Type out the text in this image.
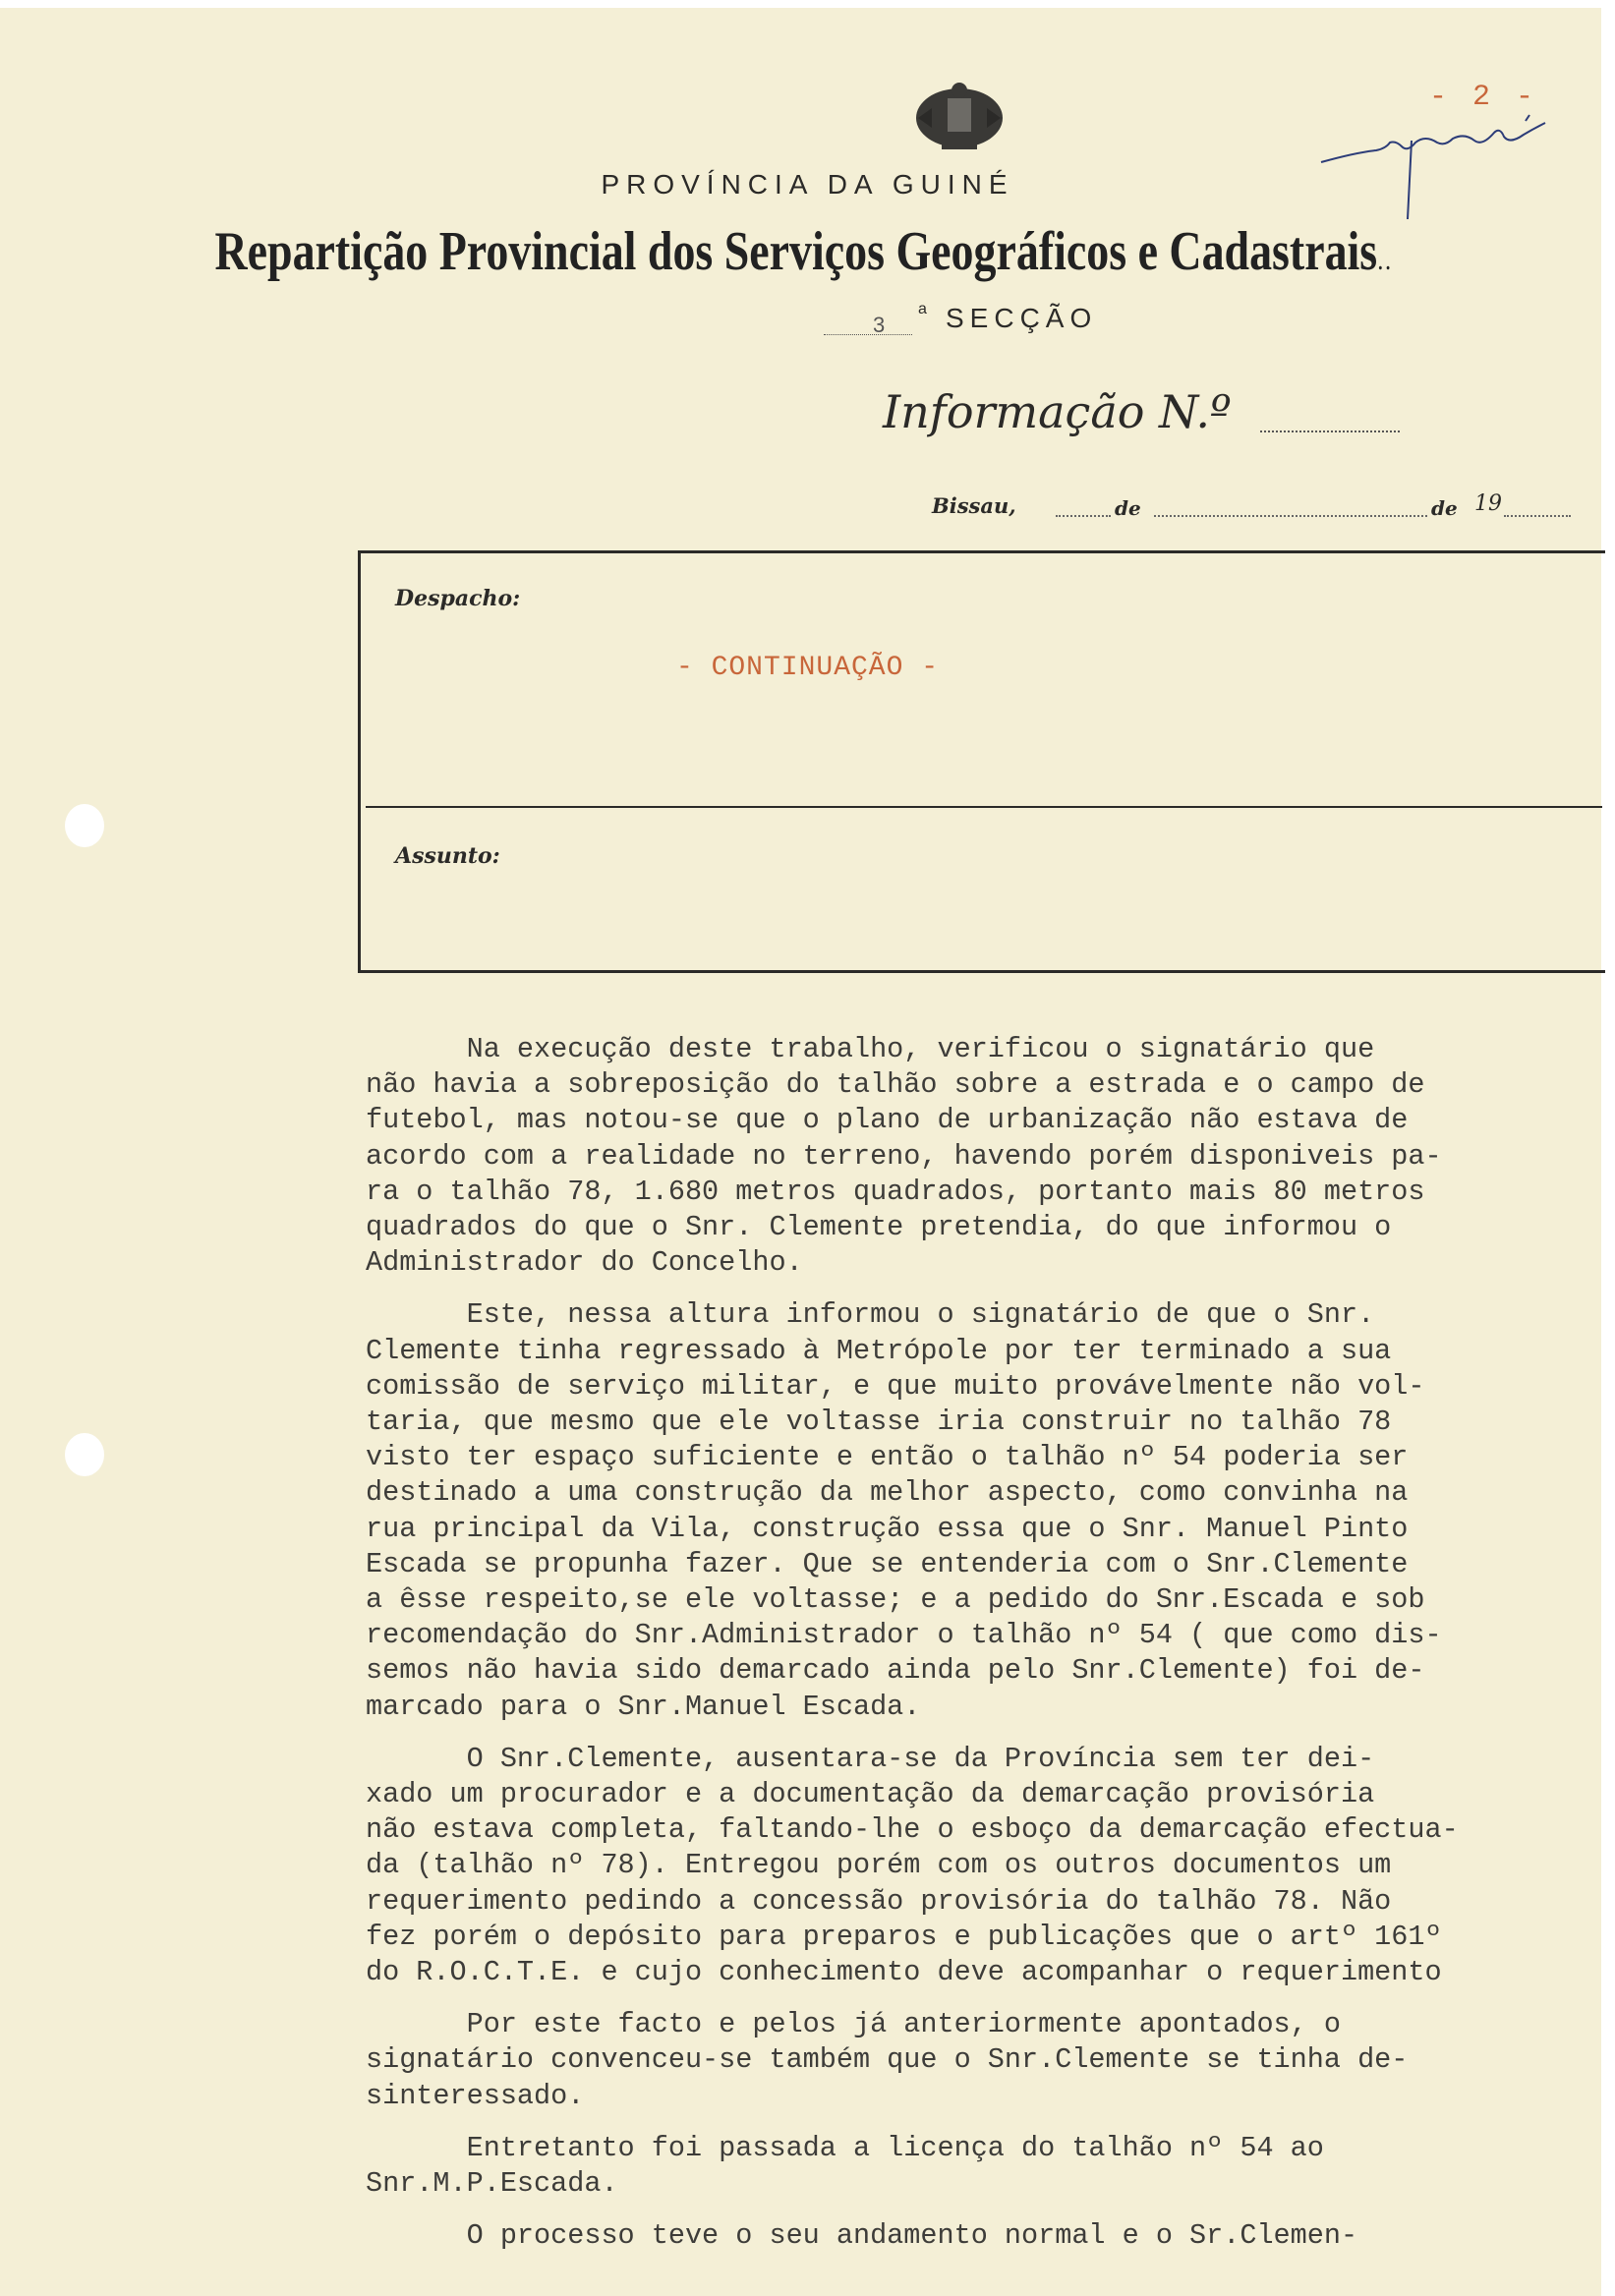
- 2 -
PROVÍNCIA DA GUINÉ
Repartição Provincial dos Serviços Geográficos e Cadastrais..
3
a SECÇÃO
Informação N.º
Bissau,	de	de 19
Despacho:
- CONTINUAÇÃO -
Assunto:
Na execução deste trabalho, verificou o signatário que
não havia a sobreposição do talhão sobre a estrada e o campo de
futebol, mas notou-se que o plano de urbanização não estava de
acordo com a realidade no terreno, havendo porém disponiveis pa-
ra o talhão 78, 1.680 metros quadrados, portanto mais 80 metros
quadrados do que o Snr. Clemente pretendia, do que informou o
Administrador do Concelho.
Este, nessa altura informou o signatário de que o Snr.
Clemente tinha regressado à Metrópole por ter terminado a sua
comissão de serviço militar, e que muito provávelmente não vol-
taria, que mesmo que ele voltasse iria construir no talhão 78
visto ter espaço suficiente e então o talhão nº 54 poderia ser
destinado a uma construção da melhor aspecto, como convinha na
rua principal da Vila, construção essa que o Snr. Manuel Pinto
Escada se propunha fazer. Que se entenderia com o Snr.Clemente
a êsse respeito,se ele voltasse; e a pedido do Snr.Escada e sob
recomendação do Snr.Administrador o talhão nº 54 ( que como dis-
semos não havia sido demarcado ainda pelo Snr.Clemente) foi de-
marcado para o Snr.Manuel Escada.
O Snr.Clemente, ausentara-se da Província sem ter dei-
xado um procurador e a documentação da demarcação provisória
não estava completa, faltando-lhe o esboço da demarcação efectua-
da (talhão nº 78). Entregou porém com os outros documentos um
requerimento pedindo a concessão provisória do talhão 78. Não
fez porém o depósito para preparos e publicações que o artº 161º
do R.O.C.T.E. e cujo conhecimento deve acompanhar o requerimento
Por este facto e pelos já anteriormente apontados, o
signatário convenceu-se também que o Snr.Clemente se tinha de-
sinteressado.
Entretanto foi passada a licença do talhão nº 54 ao
Snr.M.P.Escada.
O processo teve o seu andamento normal e o Sr.Clemen-
